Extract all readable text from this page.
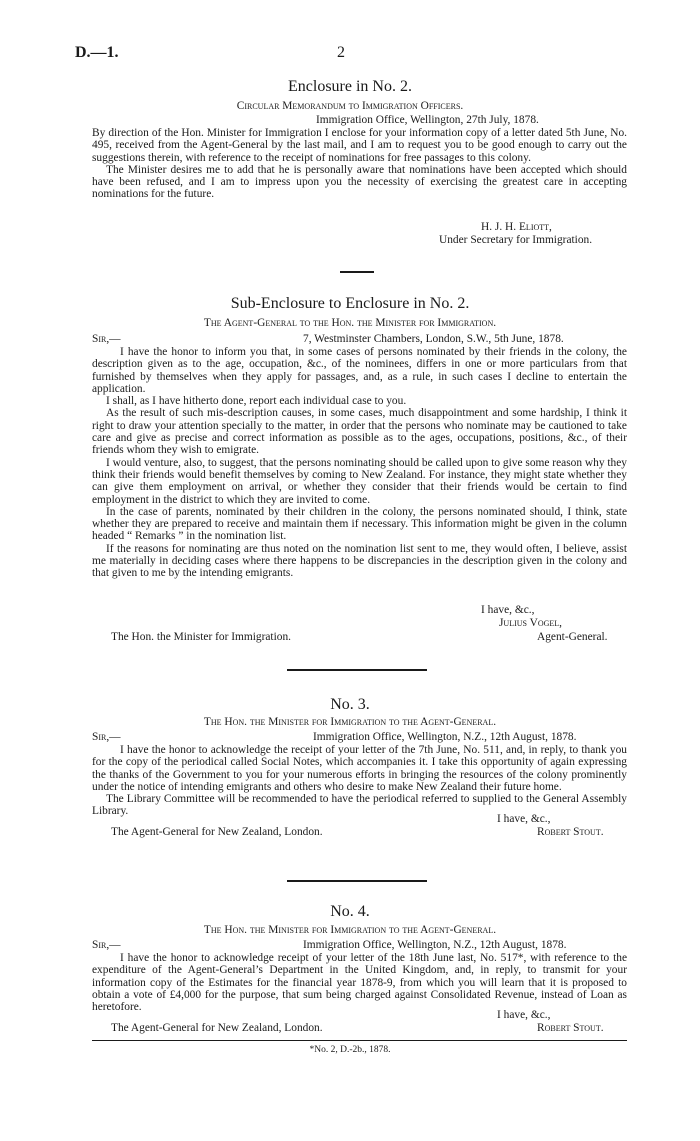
D.—1.	2
Enclosure in No. 2.
Circular Memorandum to Immigration Officers.
Immigration Office, Wellington, 27th July, 1878.

By direction of the Hon. Minister for Immigration I enclose for your information copy of a letter dated 5th June, No. 495, received from the Agent-General by the last mail, and I am to request you to be good enough to carry out the suggestions therein, with reference to the receipt of nominations for free passages to this colony.

The Minister desires me to add that he is personally aware that nominations have been accepted which should have been refused, and I am to impress upon you the necessity of exercising the greatest care in accepting nominations for the future.

H. J. H. Eliott,
Under Secretary for Immigration.
Sub-Enclosure to Enclosure in No. 2.
The Agent-General to the Hon. the Minister for Immigration.
Sir,—	7, Westminster Chambers, London, S.W., 5th June, 1878.

I have the honor to inform you that, in some cases of persons nominated by their friends in the colony, the description given as to the age, occupation, &c., of the nominees, differs in one or more particulars from that furnished by themselves when they apply for passages, and, as a rule, in such cases I decline to entertain the application.

I shall, as I have hitherto done, report each individual case to you.

As the result of such mis-description causes, in some cases, much disappointment and some hardship, I think it right to draw your attention specially to the matter, in order that the persons who nominate may be cautioned to take care and give as precise and correct information as possible as to the ages, occupations, positions, &c., of their friends whom they wish to emigrate.

I would venture, also, to suggest, that the persons nominating should be called upon to give some reason why they think their friends would benefit themselves by coming to New Zealand. For instance, they might state whether they can give them employment on arrival, or whether they consider that their friends would be certain to find employment in the district to which they are invited to come.

In the case of parents, nominated by their children in the colony, the persons nominated should, I think, state whether they are prepared to receive and maintain them if necessary. This information might be given in the column headed “ Remarks ” in the nomination list.

If the reasons for nominating are thus noted on the nomination list sent to me, they would often, I believe, assist me materially in deciding cases where there happens to be discrepancies in the description given in the colony and that given to me by the intending emigrants.

I have, &c.,
Julius Vogel,
The Hon. the Minister for Immigration.	Agent-General.
No. 3.
The Hon. the Minister for Immigration to the Agent-General.
Sir,—	Immigration Office, Wellington, N.Z., 12th August, 1878.

I have the honor to acknowledge the receipt of your letter of the 7th June, No. 511, and, in reply, to thank you for the copy of the periodical called Social Notes, which accompanies it. I take this opportunity of again expressing the thanks of the Government to you for your numerous efforts in bringing the resources of the colony prominently under the notice of intending emigrants and others who desire to make New Zealand their future home.

The Library Committee will be recommended to have the periodical referred to supplied to the General Assembly Library.

I have, &c.,
The Agent-General for New Zealand, London.	Robert Stout.
No. 4.
The Hon. the Minister for Immigration to the Agent-General.
Sir,—	Immigration Office, Wellington, N.Z., 12th August, 1878.

I have the honor to acknowledge receipt of your letter of the 18th June last, No. 517*, with reference to the expenditure of the Agent-General’s Department in the United Kingdom, and, in reply, to transmit for your information copy of the Estimates for the financial year 1878-9, from which you will learn that it is proposed to obtain a vote of £4,000 for the purpose, that sum being charged against Consolidated Revenue, instead of Loan as heretofore.

I have, &c.,
The Agent-General for New Zealand, London.	Robert Stout.
*No. 2, D.-2b., 1878.
